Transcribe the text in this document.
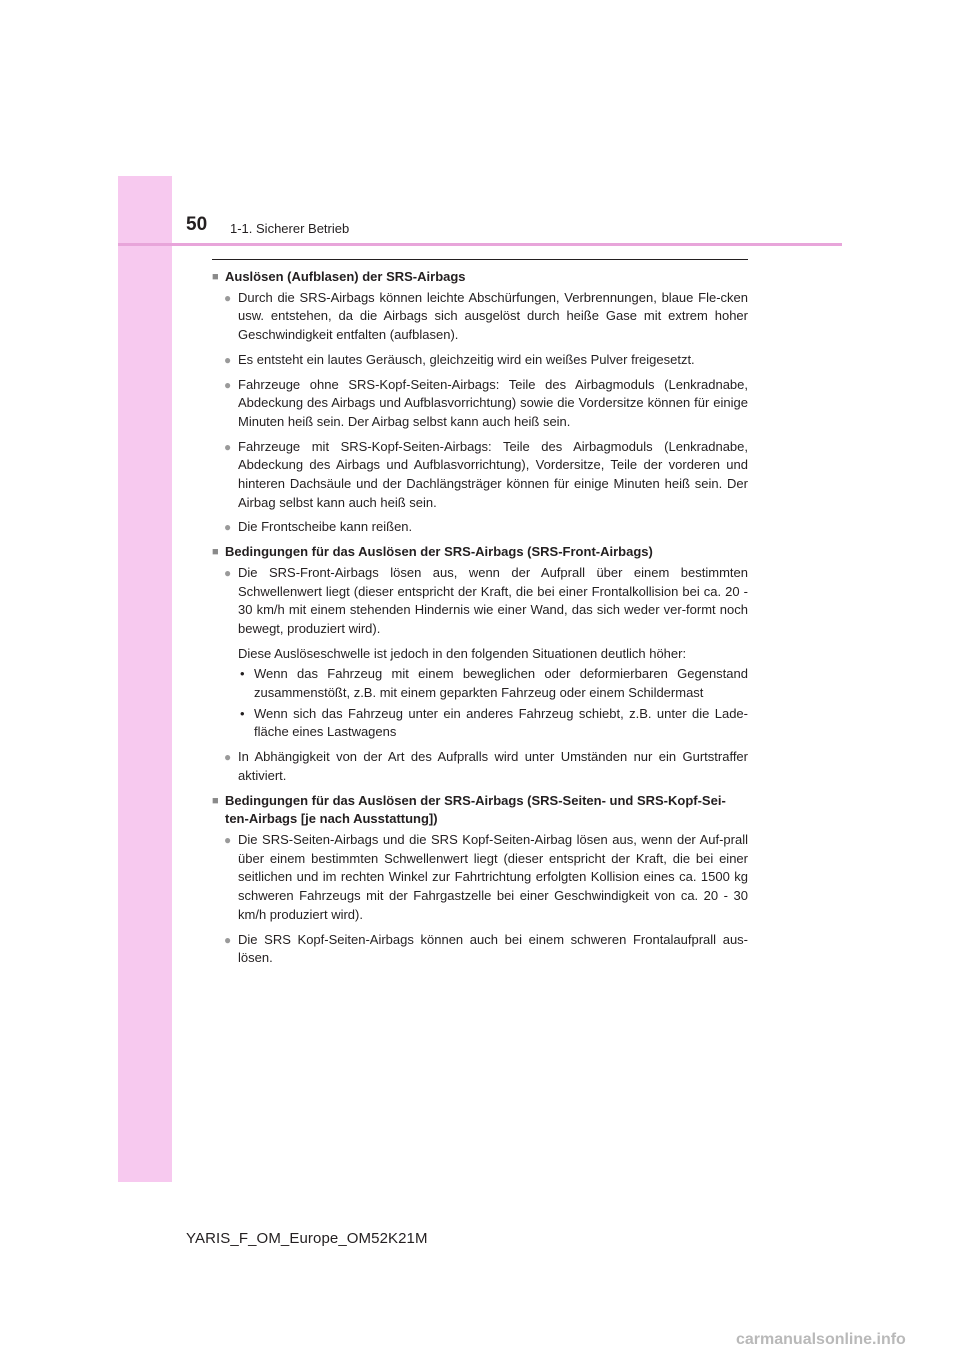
50 1-1. Sicherer Betrieb
■ Auslösen (Aufblasen) der SRS-Airbags
● Durch die SRS-Airbags können leichte Abschürfungen, Verbrennungen, blaue Fle-cken usw. entstehen, da die Airbags sich ausgelöst durch heiße Gase mit extrem hoher Geschwindigkeit entfalten (aufblasen).
● Es entsteht ein lautes Geräusch, gleichzeitig wird ein weißes Pulver freigesetzt.
● Fahrzeuge ohne SRS-Kopf-Seiten-Airbags: Teile des Airbagmoduls (Lenkradnabe, Abdeckung des Airbags und Aufblasvorrichtung) sowie die Vordersitze können für einige Minuten heiß sein. Der Airbag selbst kann auch heiß sein.
● Fahrzeuge mit SRS-Kopf-Seiten-Airbags: Teile des Airbagmoduls (Lenkradnabe, Abdeckung des Airbags und Aufblasvorrichtung), Vordersitze, Teile der vorderen und hinteren Dachsäule und der Dachlängsträger können für einige Minuten heiß sein. Der Airbag selbst kann auch heiß sein.
● Die Frontscheibe kann reißen.
■ Bedingungen für das Auslösen der SRS-Airbags (SRS-Front-Airbags)
● Die SRS-Front-Airbags lösen aus, wenn der Aufprall über einem bestimmten Schwellenwert liegt (dieser entspricht der Kraft, die bei einer Frontalkollision bei ca. 20 - 30 km/h mit einem stehenden Hindernis wie einer Wand, das sich weder ver-formt noch bewegt, produziert wird).
Diese Auslöseschwelle ist jedoch in den folgenden Situationen deutlich höher:
• Wenn das Fahrzeug mit einem beweglichen oder deformierbaren Gegenstand zusammenstößt, z.B. mit einem geparkten Fahrzeug oder einem Schildermast
• Wenn sich das Fahrzeug unter ein anderes Fahrzeug schiebt, z.B. unter die Lade-fläche eines Lastwagens
● In Abhängigkeit von der Art des Aufpralls wird unter Umständen nur ein Gurtstraffer aktiviert.
■ Bedingungen für das Auslösen der SRS-Airbags (SRS-Seiten- und SRS-Kopf-Sei-ten-Airbags [je nach Ausstattung])
● Die SRS-Seiten-Airbags und die SRS Kopf-Seiten-Airbag lösen aus, wenn der Auf-prall über einem bestimmten Schwellenwert liegt (dieser entspricht der Kraft, die bei einer seitlichen und im rechten Winkel zur Fahrtrichtung erfolgten Kollision eines ca. 1500 kg schweren Fahrzeugs mit der Fahrgastzelle bei einer Geschwindigkeit von ca. 20 - 30 km/h produziert wird).
● Die SRS Kopf-Seiten-Airbags können auch bei einem schweren Frontalaufprall aus-lösen.
YARIS_F_OM_Europe_OM52K21M
carmanualsonline.info
